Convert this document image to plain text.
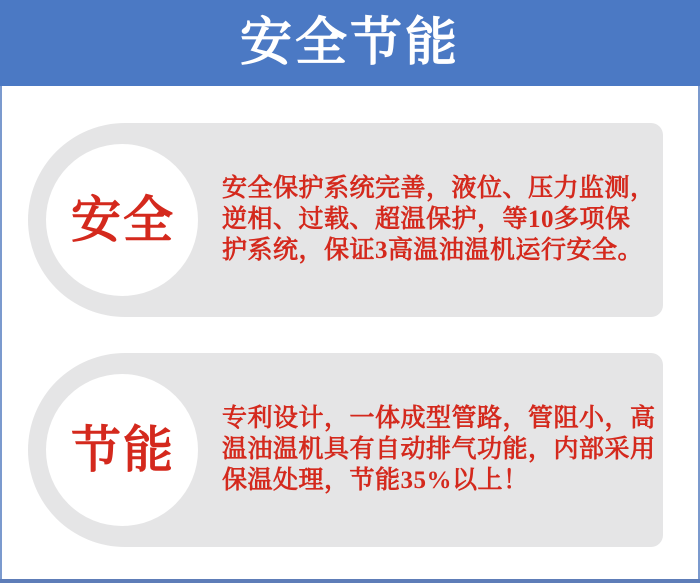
安全节能
安全
安全保护系统完善，液位、压力监测，
逆相、过载、超温保护，等10多项保
护系统，保证3高温油温机运行安全。
节能
专利设计，一体成型管路，管阻小，高
温油温机具有自动排气功能，内部采用
保温处理，节能35%以上！
